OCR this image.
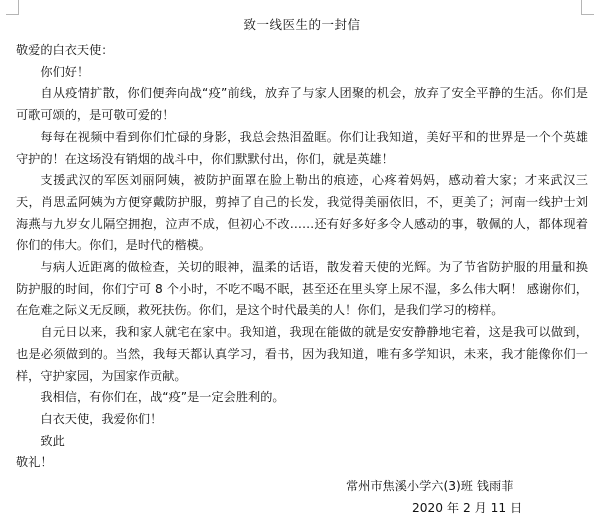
致一线医生的一封信

敬爱的白衣天使：

你们好！

自从疫情扩散，你们便奔向战“疫”前线，放弃了与家人团聚的机会，放弃了安全平静的生活。你们是可歌可颂的，是可敬可爱的！

每每在视频中看到你们忙碌的身影，我总会热泪盈眶。你们让我知道，美好平和的世界是一个个英雄守护的！在这场没有销烟的战斗中，你们默默付出，你们，就是英雄！

支援武汉的军医刘丽阿姨，被防护面罩在脸上勒出的痕迹，心疼着妈妈，感动着大家；才来武汉三天，肖思孟阿姨为方便穿戴防护服，剪掉了自己的长发，我觉得美丽依旧，不，更美了；河南一线护士刘海燕与九岁女儿隔空拥抱，泣声不成，但初心不改……还有好多好多令人感动的事，敬佩的人，都体现着你们的伟大。你们，是时代的楷模。

与病人近距离的做检查，关切的眼神，温柔的话语，散发着天使的光辉。为了节省防护服的用量和换防护服的时间，你们宁可 8 个小时，不吃不喝不眠，甚至还在里头穿上尿不湿，多么伟大啊！ 感谢你们，在危难之际义无反顾，救死扶伤。你们，是这个时代最美的人！你们，是我们学习的榜样。

自元日以来，我和家人就宅在家中。我知道，我现在能做的就是安安静静地宅着，这是我可以做到，也是必须做到的。当然，我每天都认真学习，看书，因为我知道，唯有多学知识，未来，我才能像你们一样，守护家园，为国家作贡献。

我相信，有你们在，战“疫”是一定会胜利的。

白衣天使，我爱你们！

致此

敬礼！

常州市焦溪小学六(3)班 钱雨菲

2020 年 2 月 11 日
